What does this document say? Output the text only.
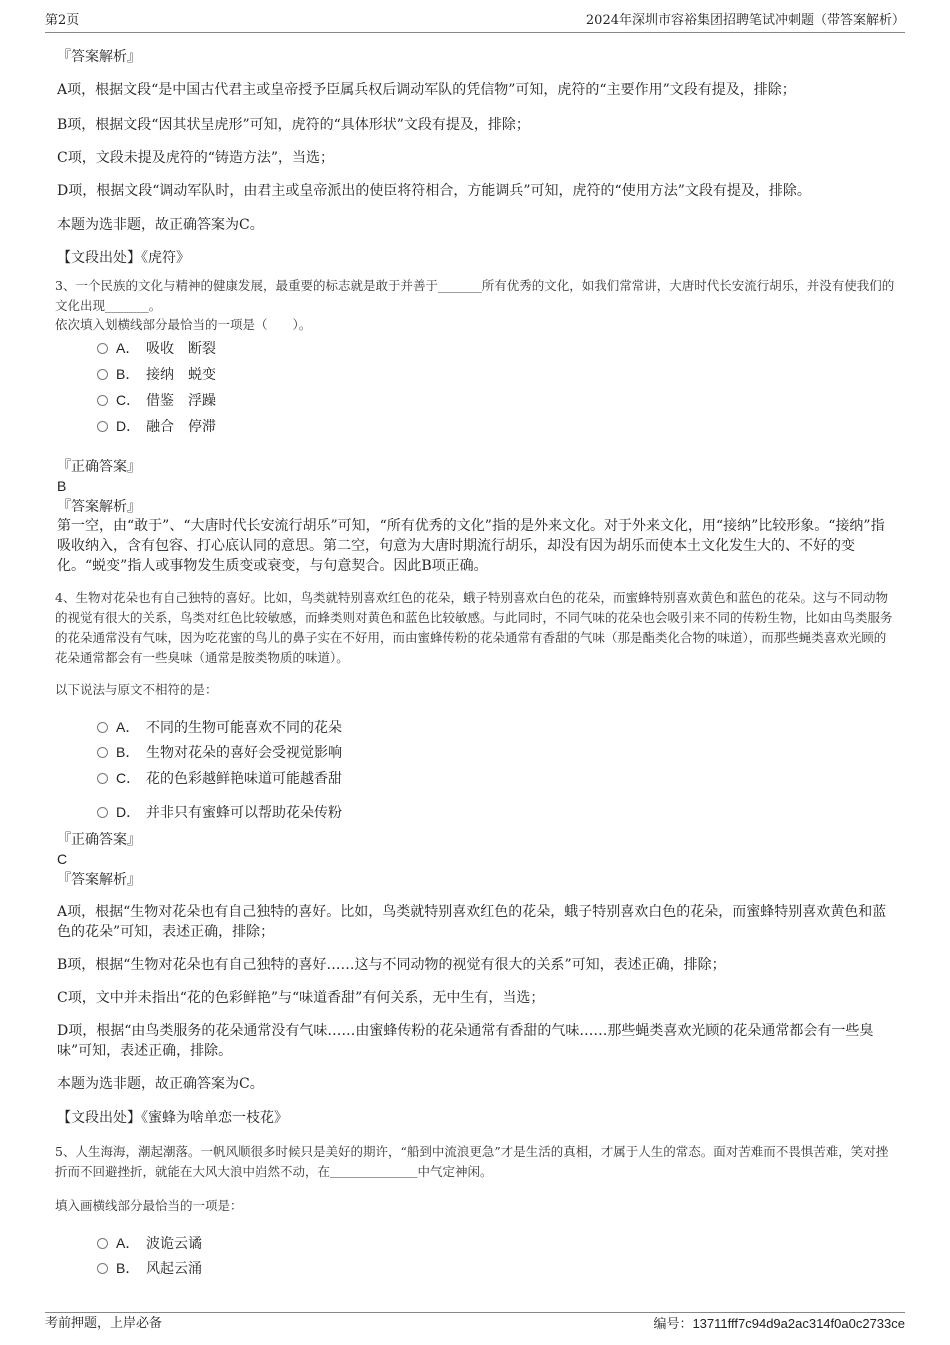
第2页	2024年深圳市容裕集团招聘笔试冲刺题（带答案解析）

『答案解析』

A项，根据文段“是中国古代君主或皇帝授予臣属兵权后调动军队的凭信物”可知，虎符的“主要作用”文段有提及，排除；

B项，根据文段“因其状呈虎形”可知，虎符的“具体形状”文段有提及，排除；

C项，文段未提及虎符的“铸造方法”，当选；

D项，根据文段“调动军队时，由君主或皇帝派出的使臣将符相合，方能调兵”可知，虎符的“使用方法”文段有提及，排除。

本题为选非题，故正确答案为C。

【文段出处】《虎符》

3、一个民族的文化与精神的健康发展，最重要的标志就是敢于并善于_______所有优秀的文化，如我们常常讲，大唐时代长安流行胡乐，并没有使我们的文化出现_______。

依次填入划横线部分最恰当的一项是（　　）。

A． 吸收　断裂
B． 接纳　蜕变
C． 借鉴　浮躁
D． 融合　停滞

『正确答案』

B

『答案解析』

第一空，由“敢于”、“大唐时代长安流行胡乐”可知，“所有优秀的文化”指的是外来文化。对于外来文化，用“接纳”比较形象。“接纳”指吸收纳入，含有包容、打心底认同的意思。第二空，句意为大唐时期流行胡乐，却没有因为胡乐而使本土文化发生大的、不好的变化。“蜕变”指人或事物发生质变或衰变，与句意契合。因此B项正确。

4、生物对花朵也有自己独特的喜好。比如，鸟类就特别喜欢红色的花朵，蛾子特别喜欢白色的花朵，而蜜蜂特别喜欢黄色和蓝色的花朵。这与不同动物的视觉有很大的关系，鸟类对红色比较敏感，而蜂类则对黄色和蓝色比较敏感。与此同时，不同气味的花朵也会吸引来不同的传粉生物，比如由鸟类服务的花朵通常没有气味，因为吃花蜜的鸟儿的鼻子实在不好用，而由蜜蜂传粉的花朵通常有香甜的气味（那是酯类化合物的味道），而那些蝇类喜欢光顾的花朵通常都会有一些臭味（通常是胺类物质的味道）。

以下说法与原文不相符的是：

A． 不同的生物可能喜欢不同的花朵
B． 生物对花朵的喜好会受视觉影响
C． 花的色彩越鲜艳味道可能越香甜
D． 并非只有蜜蜂可以帮助花朵传粉

『正确答案』

C

『答案解析』

A项，根据“生物对花朵也有自己独特的喜好。比如，鸟类就特别喜欢红色的花朵，蛾子特别喜欢白色的花朵，而蜜蜂特别喜欢黄色和蓝色的花朵”可知，表述正确，排除；

B项，根据“生物对花朵也有自己独特的喜好……这与不同动物的视觉有很大的关系”可知，表述正确，排除；

C项，文中并未指出“花的色彩鲜艳”与“味道香甜”有何关系，无中生有，当选；

D项，根据“由鸟类服务的花朵通常没有气味……由蜜蜂传粉的花朵通常有香甜的气味……那些蝇类喜欢光顾的花朵通常都会有一些臭味”可知，表述正确，排除。

本题为选非题，故正确答案为C。

【文段出处】《蜜蜂为啥单恋一枝花》

5、人生海海，潮起潮落。一帆风顺很多时候只是美好的期许，“船到中流浪更急”才是生活的真相，才属于人生的常态。面对苦难而不畏惧苦难，笑对挫折而不回避挫折，就能在大风大浪中岿然不动，在＿＿＿＿＿＿＿中气定神闲。

填入画横线部分最恰当的一项是：

A． 波诡云谲
B． 风起云涌
考前押题，上岸必备	编号：13711fff7c94d9a2ac314f0a0c2733ce
